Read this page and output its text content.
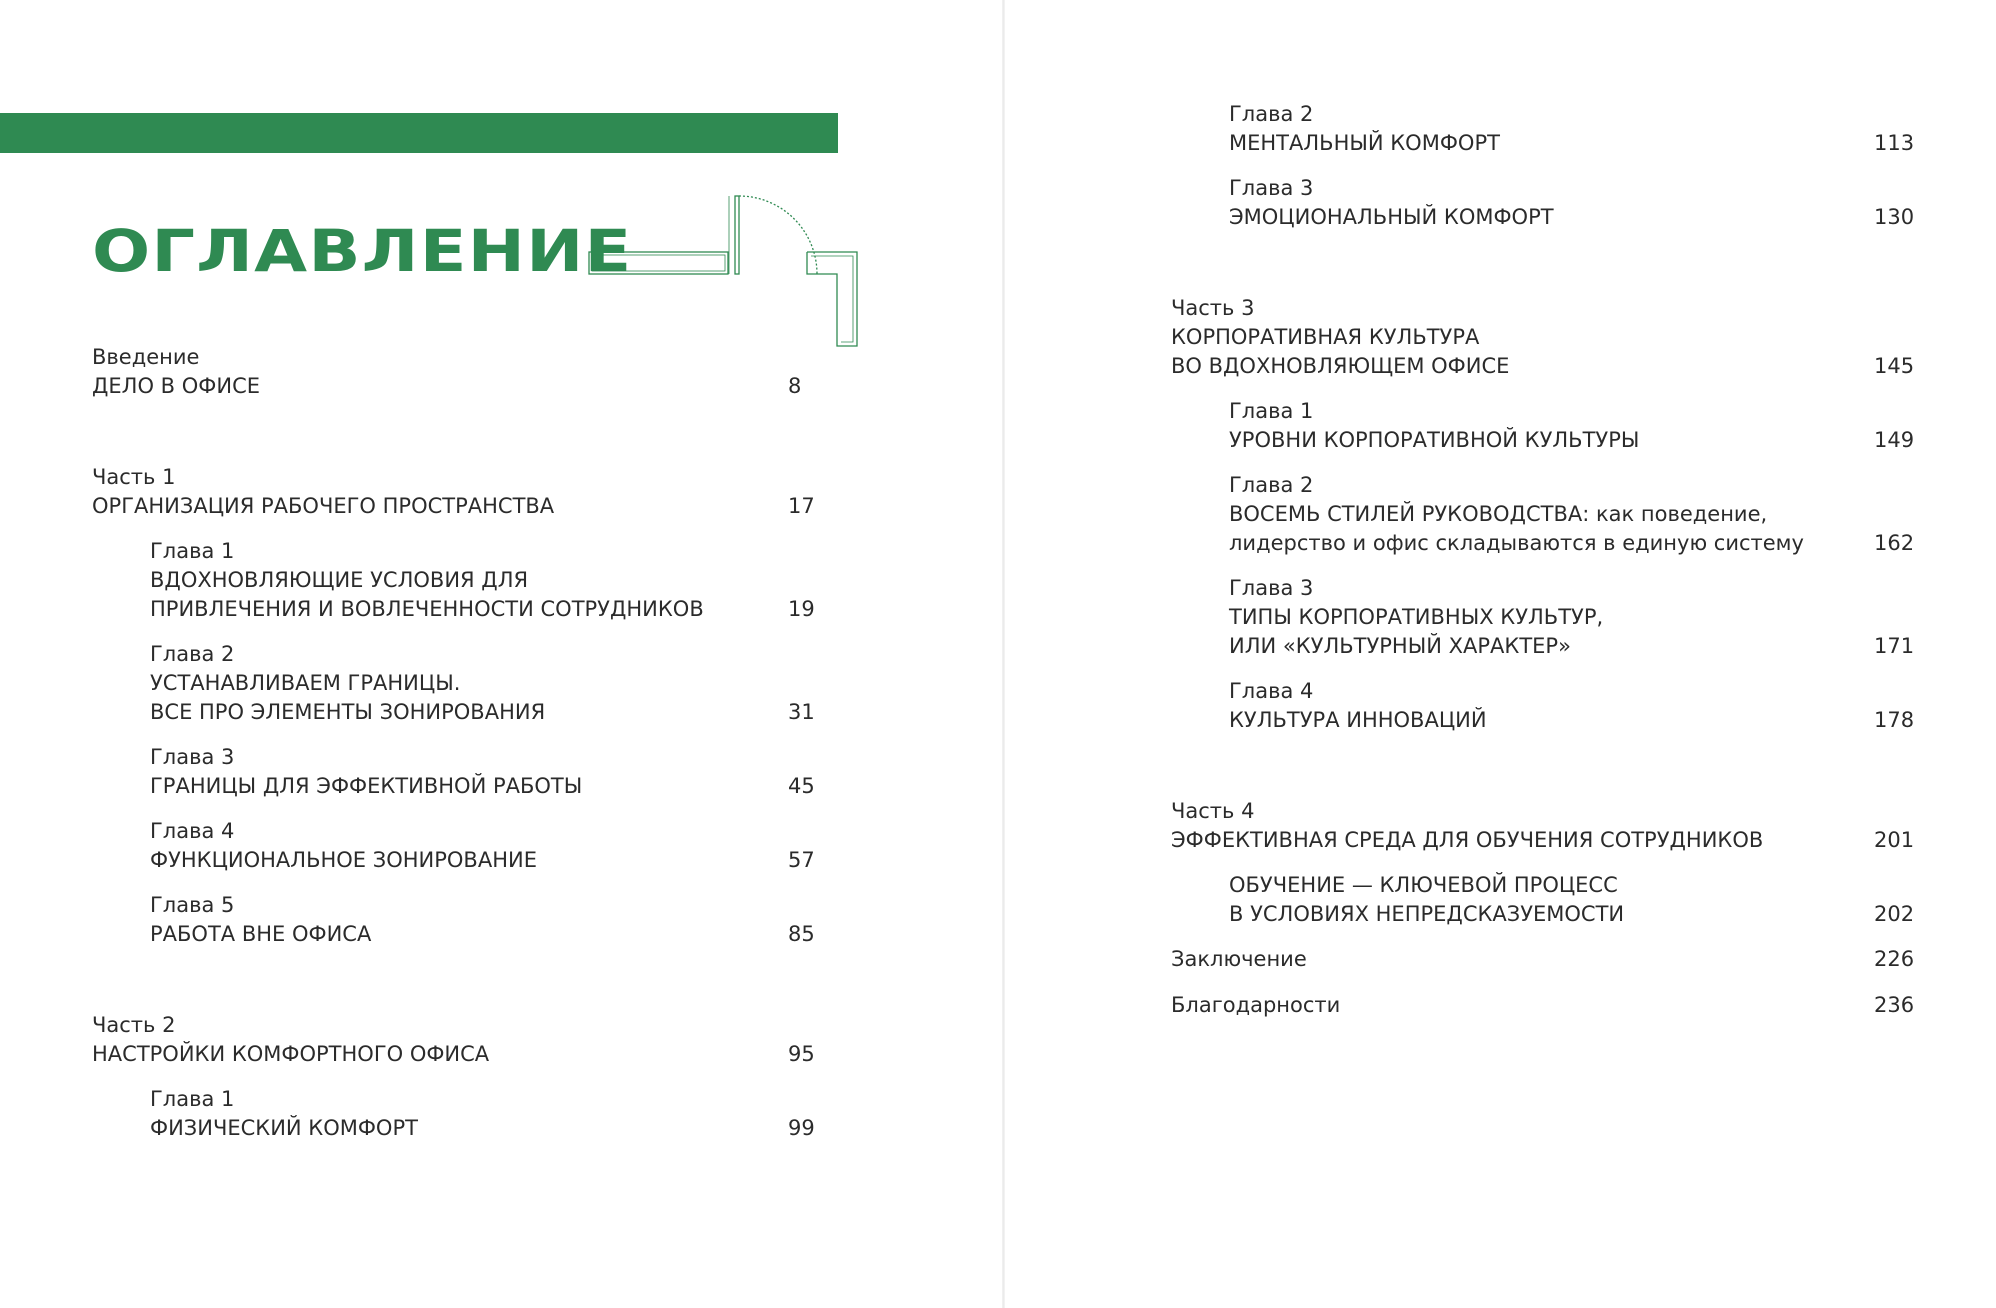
ОГЛАВЛЕНИЕ
Введение
ДЕЛО В ОФИСЕ	8
Часть 1
ОРГАНИЗАЦИЯ РАБОЧЕГО ПРОСТРАНСТВА	17
Глава 1
ВДОХНОВЛЯЮЩИЕ УСЛОВИЯ ДЛЯ
ПРИВЛЕЧЕНИЯ И ВОВЛЕЧЕННОСТИ СОТРУДНИКОВ	19
Глава 2
УСТАНАВЛИВАЕМ ГРАНИЦЫ.
ВСЕ ПРО ЭЛЕМЕНТЫ ЗОНИРОВАНИЯ	31
Глава 3
ГРАНИЦЫ ДЛЯ ЭФФЕКТИВНОЙ РАБОТЫ	45
Глава 4
ФУНКЦИОНАЛЬНОЕ ЗОНИРОВАНИЕ	57
Глава 5
РАБОТА ВНЕ ОФИСА	85
Часть 2
НАСТРОЙКИ КОМФОРТНОГО ОФИСА	95
Глава 1
ФИЗИЧЕСКИЙ КОМФОРТ	99
Глава 2
МЕНТАЛЬНЫЙ КОМФОРТ	113
Глава 3
ЭМОЦИОНАЛЬНЫЙ КОМФОРТ	130
Часть 3
КОРПОРАТИВНАЯ КУЛЬТУРА
ВО ВДОХНОВЛЯЮЩЕМ ОФИСЕ	145
Глава 1
УРОВНИ КОРПОРАТИВНОЙ КУЛЬТУРЫ	149
Глава 2
ВОСЕМЬ СТИЛЕЙ РУКОВОДСТВА: как поведение,
лидерство и офис складываются в единую систему	162
Глава 3
ТИПЫ КОРПОРАТИВНЫХ КУЛЬТУР,
ИЛИ «КУЛЬТУРНЫЙ ХАРАКТЕР»	171
Глава 4
КУЛЬТУРА ИННОВАЦИЙ	178
Часть 4
ЭФФЕКТИВНАЯ СРЕДА ДЛЯ ОБУЧЕНИЯ СОТРУДНИКОВ	201
ОБУЧЕНИЕ — КЛЮЧЕВОЙ ПРОЦЕСС
В УСЛОВИЯХ НЕПРЕДСКАЗУЕМОСТИ	202
Заключение	226
Благодарности	236
